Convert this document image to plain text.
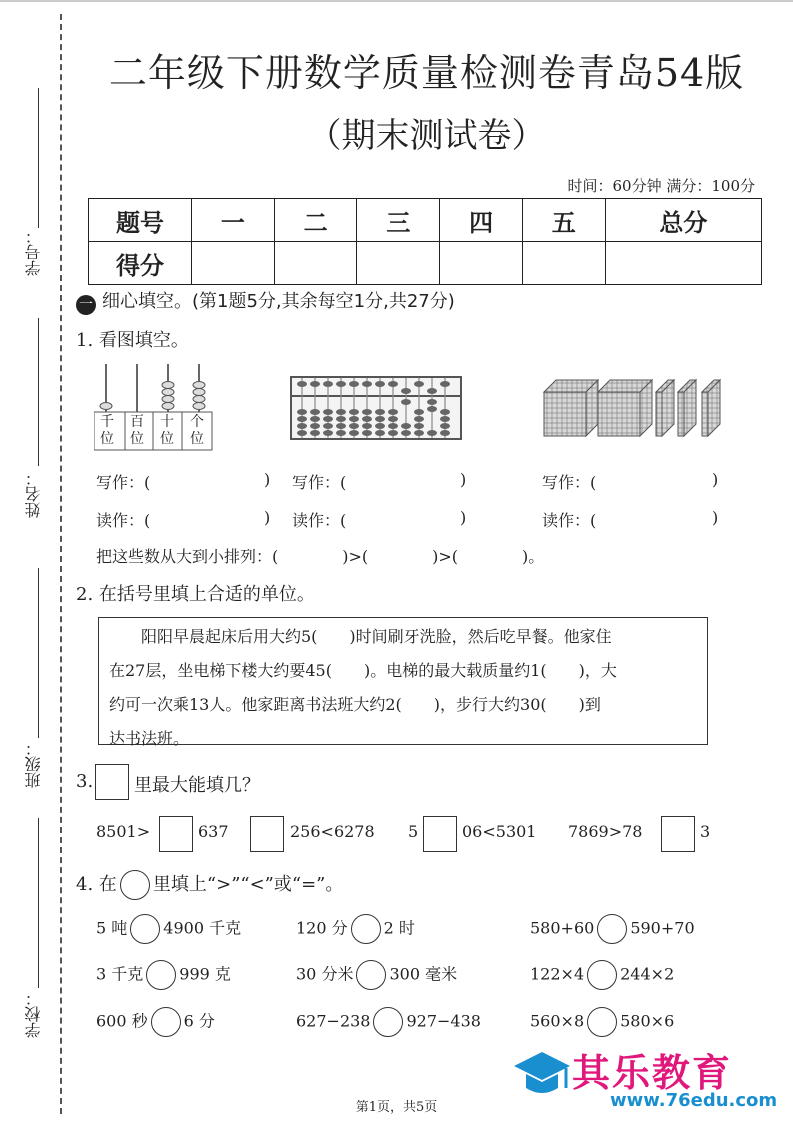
学号：
姓名：
班级：
学校：
二年级下册数学质量检测卷青岛54版
（期末测试卷）
时间：60分钟 满分：100分
题号	一	二	三	四	五	总分
得分						
一 细心填空。(第1题5分,其余每空1分,共27分)
1. 看图填空。
千位
百位
十位
个位
写作：(	) 写作：(	)	写作：(	)
读作：(	) 读作：(	)	读作：(	)
把这些数从大到小排列：(　　　　)>(　　　　)>(　　　　)。
2. 在括号里填上合适的单位。

阳阳早晨起床后用大约5(　　)时间刷牙洗脸，然后吃早餐。他家住

在27层，坐电梯下楼大约要45(　　)。电梯的最大载质量约1(　　)，大
约可一次乘13人。他家距离书法班大约2(　　)，步行大约30(　　)到
达书法班。
3. 里最大能填几？
8501>	637	256<6278 5	06<5301 7869>78	3
4. 在 里填上“>”“<”或“=”。
5 吨 4900 千克	120 分 2 时	580+60 590+70
3 千克 999 克	30 分米 300 毫米	122×4 244×2
600 秒 6 分	627−238 927−438	560×8 580×6
第1页，共5页
其乐教育
www.76edu.com
